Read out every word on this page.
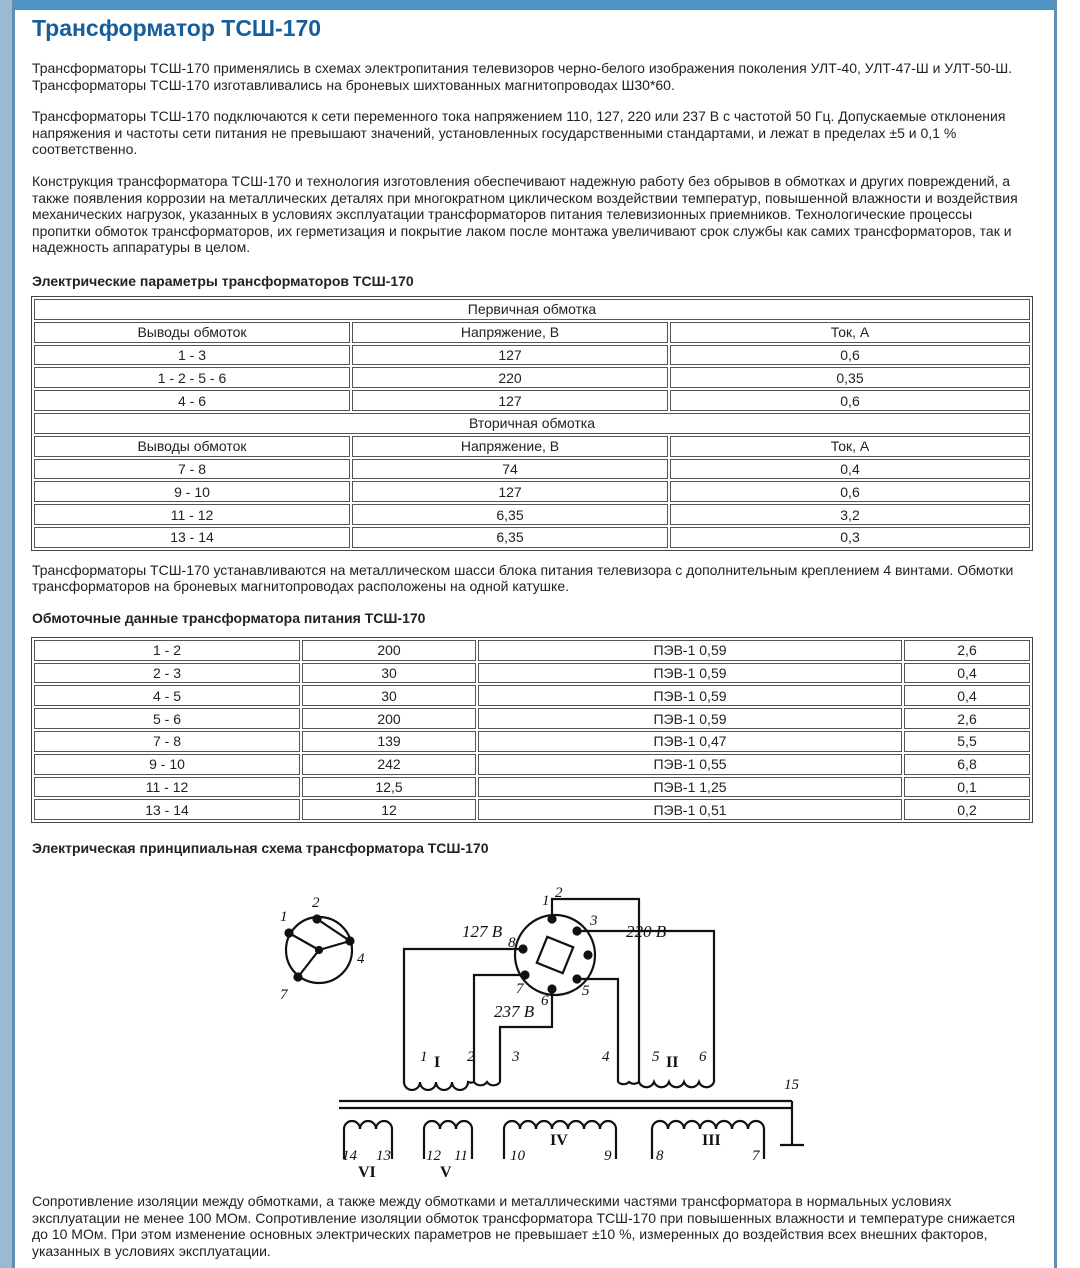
Трансформатор ТСШ-170

Трансформаторы ТСШ-170 применялись в схемах электропитания телевизоров черно-белого изображения поколения УЛТ-40, УЛТ-47-Ш и УЛТ-50-Ш. Трансформаторы ТСШ-170 изготавливались на броневых шихтованных магнитопроводах Ш30*60.

Трансформаторы ТСШ-170 подключаются к сети переменного тока напряжением 110, 127, 220 или 237 В с частотой 50 Гц. Допускаемые отклонения напряжения и частоты сети питания не превышают значений, установленных государственными стандартами, и лежат в пределах ±5 и 0,1 % соответственно.

Конструкция трансформатора ТСШ-170 и технология изготовления обеспечивают надежную работу без обрывов в обмотках и других повреждений, а также появления коррозии на металлических деталях при многократном циклическом воздействии температур, повышенной влажности и воздействия механических нагрузок, указанных в условиях эксплуатации трансформаторов питания телевизионных приемников. Технологические процессы пропитки обмоток трансформаторов, их герметизация и покрытие лаком после монтажа увеличивают срок службы как самих трансформаторов, так и надежность аппаратуры в целом.

Электрические параметры трансформаторов ТСШ-170
Первичная обмотка		
Выводы обмоток	Напряжение, В	Ток, А
1 - 3	127	0,6
1 - 2 - 5 - 6	220	0,35
4 - 6	127	0,6
Вторичная обмотка		
Выводы обмоток	Напряжение, В	Ток, А
7 - 8	74	0,4
9 - 10	127	0,6
11 - 12	6,35	3,2
13 - 14	6,35	0,3

Трансформаторы ТСШ-170 устанавливаются на металлическом шасси блока питания телевизора с дополнительным креплением 4 винтами. Обмотки трансформаторов на броневых магнитопроводах расположены на одной катушке.

Обмоточные данные трансформатора питания ТСШ-170
1 - 2	200	ПЭВ-1 0,59	2,6
2 - 3	30	ПЭВ-1 0,59	0,4
4 - 5	30	ПЭВ-1 0,59	0,4
5 - 6	200	ПЭВ-1 0,59	2,6
7 - 8	139	ПЭВ-1 0,47	5,5
9 - 10	242	ПЭВ-1 0,55	6,8
11 - 12	12,5	ПЭВ-1 1,25	0,1
13 - 14	12	ПЭВ-1 0,51	0,2
Электрическая принципиальная схема трансформатора ТСШ-170
1
2
4
7
1 2
3
8
7
6
5
127 В	220 В
237 В
1	2	3	4	5	6
14 13 12 11	10	9	8	7
15
I	II
III
IV
V
VI

Сопротивление изоляции между обмотками, а также между обмотками и металлическими частями трансформатора в нормальных условиях эксплуатации не менее 100 МОм. Сопротивление изоляции обмоток трансформатора ТСШ-170 при повышенных влажности и температуре снижается до 10 МОм. При этом изменение основных электрических параметров не превышает ±10 %, измеренных до воздействия всех внешних факторов, указанных в условиях эксплуатации.
